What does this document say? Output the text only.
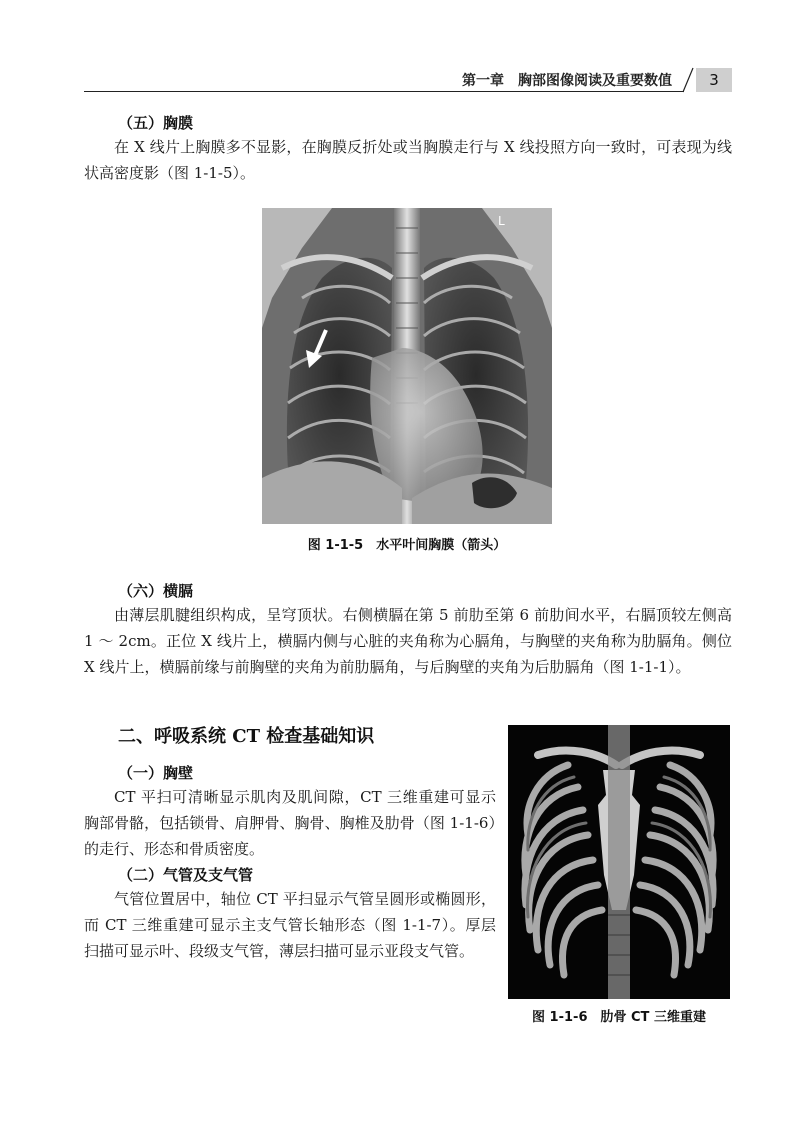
第一章　胸部图像阅读及重要数值	3
（五）胸膜

在 X 线片上胸膜多不显影，在胸膜反折处或当胸膜走行与 X 线投照方向一致时，可表现为线状高密度影（图 1-1-5）。

L
图 1-1-5　水平叶间胸膜（箭头）
（六）横膈

由薄层肌腱组织构成，呈穹顶状。右侧横膈在第 5 前肋至第 6 前肋间水平，右膈顶较左侧高 1 ～ 2cm。正位 X 线片上，横膈内侧与心脏的夹角称为心膈角，与胸壁的夹角称为肋膈角。侧位 X 线片上，横膈前缘与前胸壁的夹角为前肋膈角，与后胸壁的夹角为后肋膈角（图 1-1-1）。

二、呼吸系统 CT 检查基础知识
（一）胸壁

CT 平扫可清晰显示肌肉及肌间隙，CT 三维重建可显示胸部骨骼，包括锁骨、肩胛骨、胸骨、胸椎及肋骨（图 1-1-6）的走行、形态和骨质密度。

（二）气管及支气管

气管位置居中，轴位 CT 平扫显示气管呈圆形或椭圆形，而 CT 三维重建可显示主支气管长轴形态（图 1-1-7）。厚层扫描可显示叶、段级支气管，薄层扫描可显示亚段支气管。

图 1-1-6　肋骨 CT 三维重建
